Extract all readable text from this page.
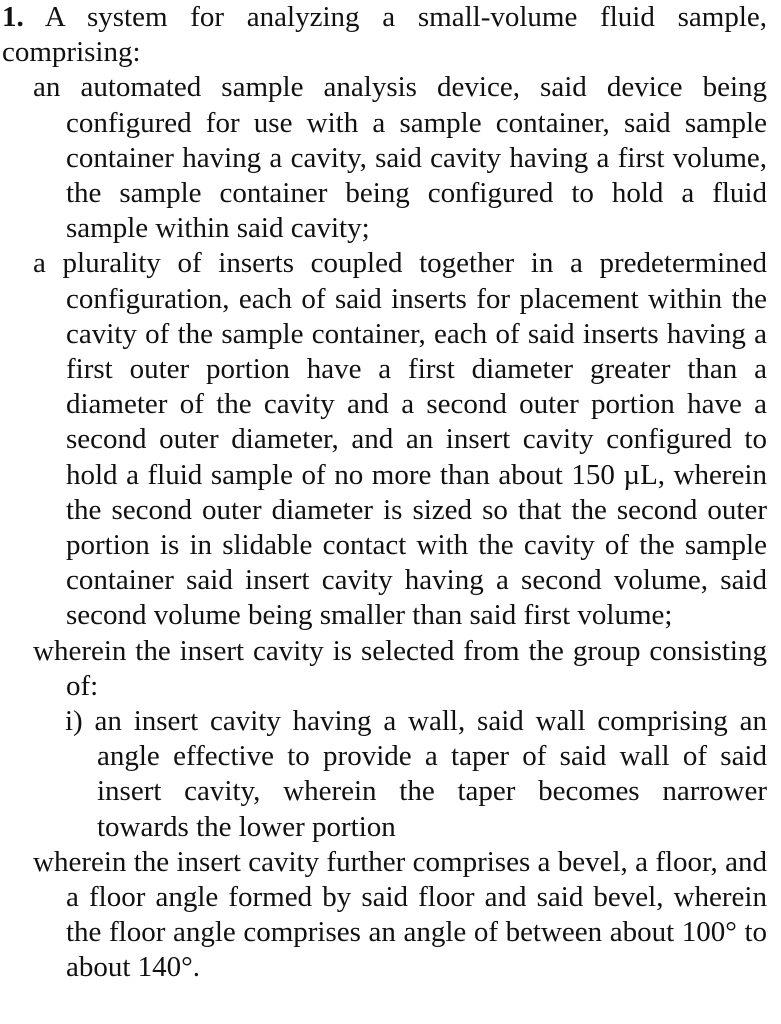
1. A system for analyzing a small-volume fluid sample, comprising:
an automated sample analysis device, said device being configured for use with a sample container, said sample container having a cavity, said cavity having a first volume, the sample container being configured to hold a fluid sample within said cavity;
a plurality of inserts coupled together in a predetermined configuration, each of said inserts for placement within the cavity of the sample container, each of said inserts having a first outer portion have a first diameter greater than a diameter of the cavity and a second outer portion have a second outer diameter, and an insert cavity configured to hold a fluid sample of no more than about 150 µL, wherein the second outer diameter is sized so that the second outer portion is in slidable contact with the cavity of the sample container said insert cavity having a second volume, said second volume being smaller than said first volume;
wherein the insert cavity is selected from the group consisting of:
i) an insert cavity having a wall, said wall comprising an angle effective to provide a taper of said wall of said insert cavity, wherein the taper becomes narrower towards the lower portion
wherein the insert cavity further comprises a bevel, a floor, and a floor angle formed by said floor and said bevel, wherein the floor angle comprises an angle of between about 100° to about 140°.
